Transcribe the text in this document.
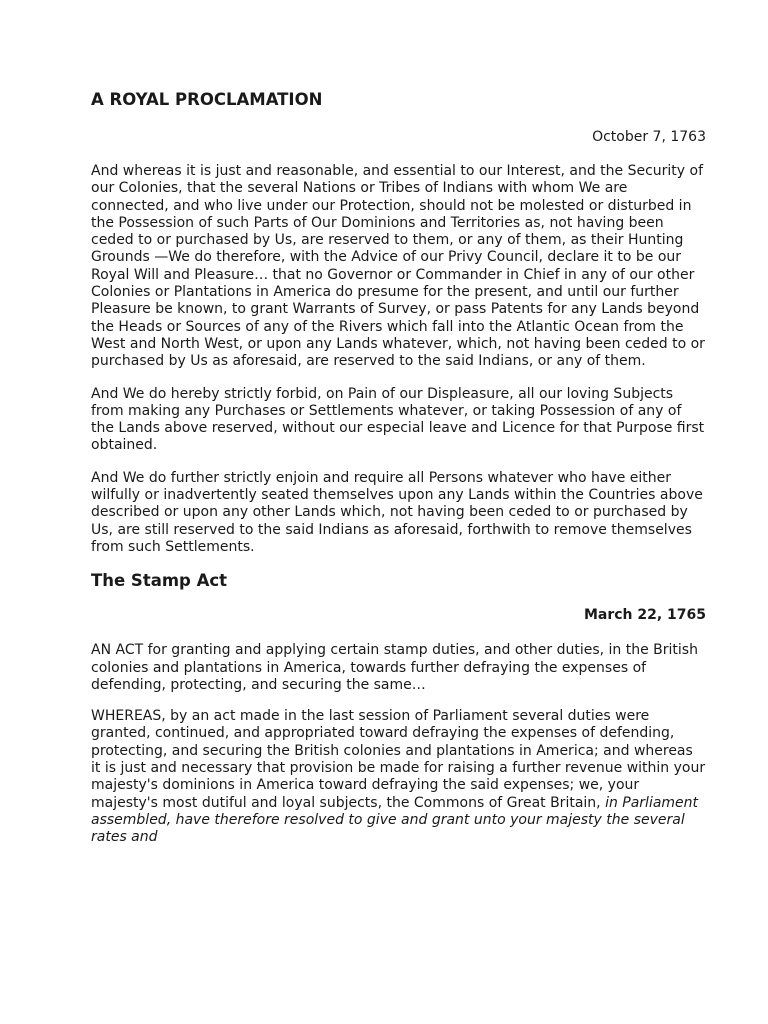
A ROYAL PROCLAMATION
October 7, 1763

And whereas it is just and reasonable, and essential to our Interest, and the Security of our Colonies, that the several Nations or Tribes of Indians with whom We are connected, and who live under our Protection, should not be molested or disturbed in the Possession of such Parts of Our Dominions and Territories as, not having been ceded to or purchased by Us, are reserved to them, or any of them, as their Hunting Grounds —We do therefore, with the Advice of our Privy Council, declare it to be our Royal Will and Pleasure… that no Governor or Commander in Chief in any of our other Colonies or Plantations in America do presume for the present, and until our further Pleasure be known, to grant Warrants of Survey, or pass Patents for any Lands beyond the Heads or Sources of any of the Rivers which fall into the Atlantic Ocean from the West and North West, or upon any Lands whatever, which, not having been ceded to or purchased by Us as aforesaid, are reserved to the said Indians, or any of them.

And We do hereby strictly forbid, on Pain of our Displeasure, all our loving Subjects from making any Purchases or Settlements whatever, or taking Possession of any of the Lands above reserved, without our especial leave and Licence for that Purpose first obtained.

And We do further strictly enjoin and require all Persons whatever who have either wilfully or inadvertently seated themselves upon any Lands within the Countries above described or upon any other Lands which, not having been ceded to or purchased by Us, are still reserved to the said Indians as aforesaid, forthwith to remove themselves from such Settlements.

The Stamp Act
March 22, 1765

AN ACT for granting and applying certain stamp duties, and other duties, in the British colonies and plantations in America, towards further defraying the expenses of defending, protecting, and securing the same…

WHEREAS, by an act made in the last session of Parliament several duties were granted, continued, and appropriated toward defraying the expenses of defending, protecting, and securing the British colonies and plantations in America; and whereas it is just and necessary that provision be made for raising a further revenue within your majesty's dominions in America toward defraying the said expenses; we, your majesty's most dutiful and loyal subjects, the Commons of Great Britain, in Parliament assembled, have therefore resolved to give and grant unto your majesty the several rates and
